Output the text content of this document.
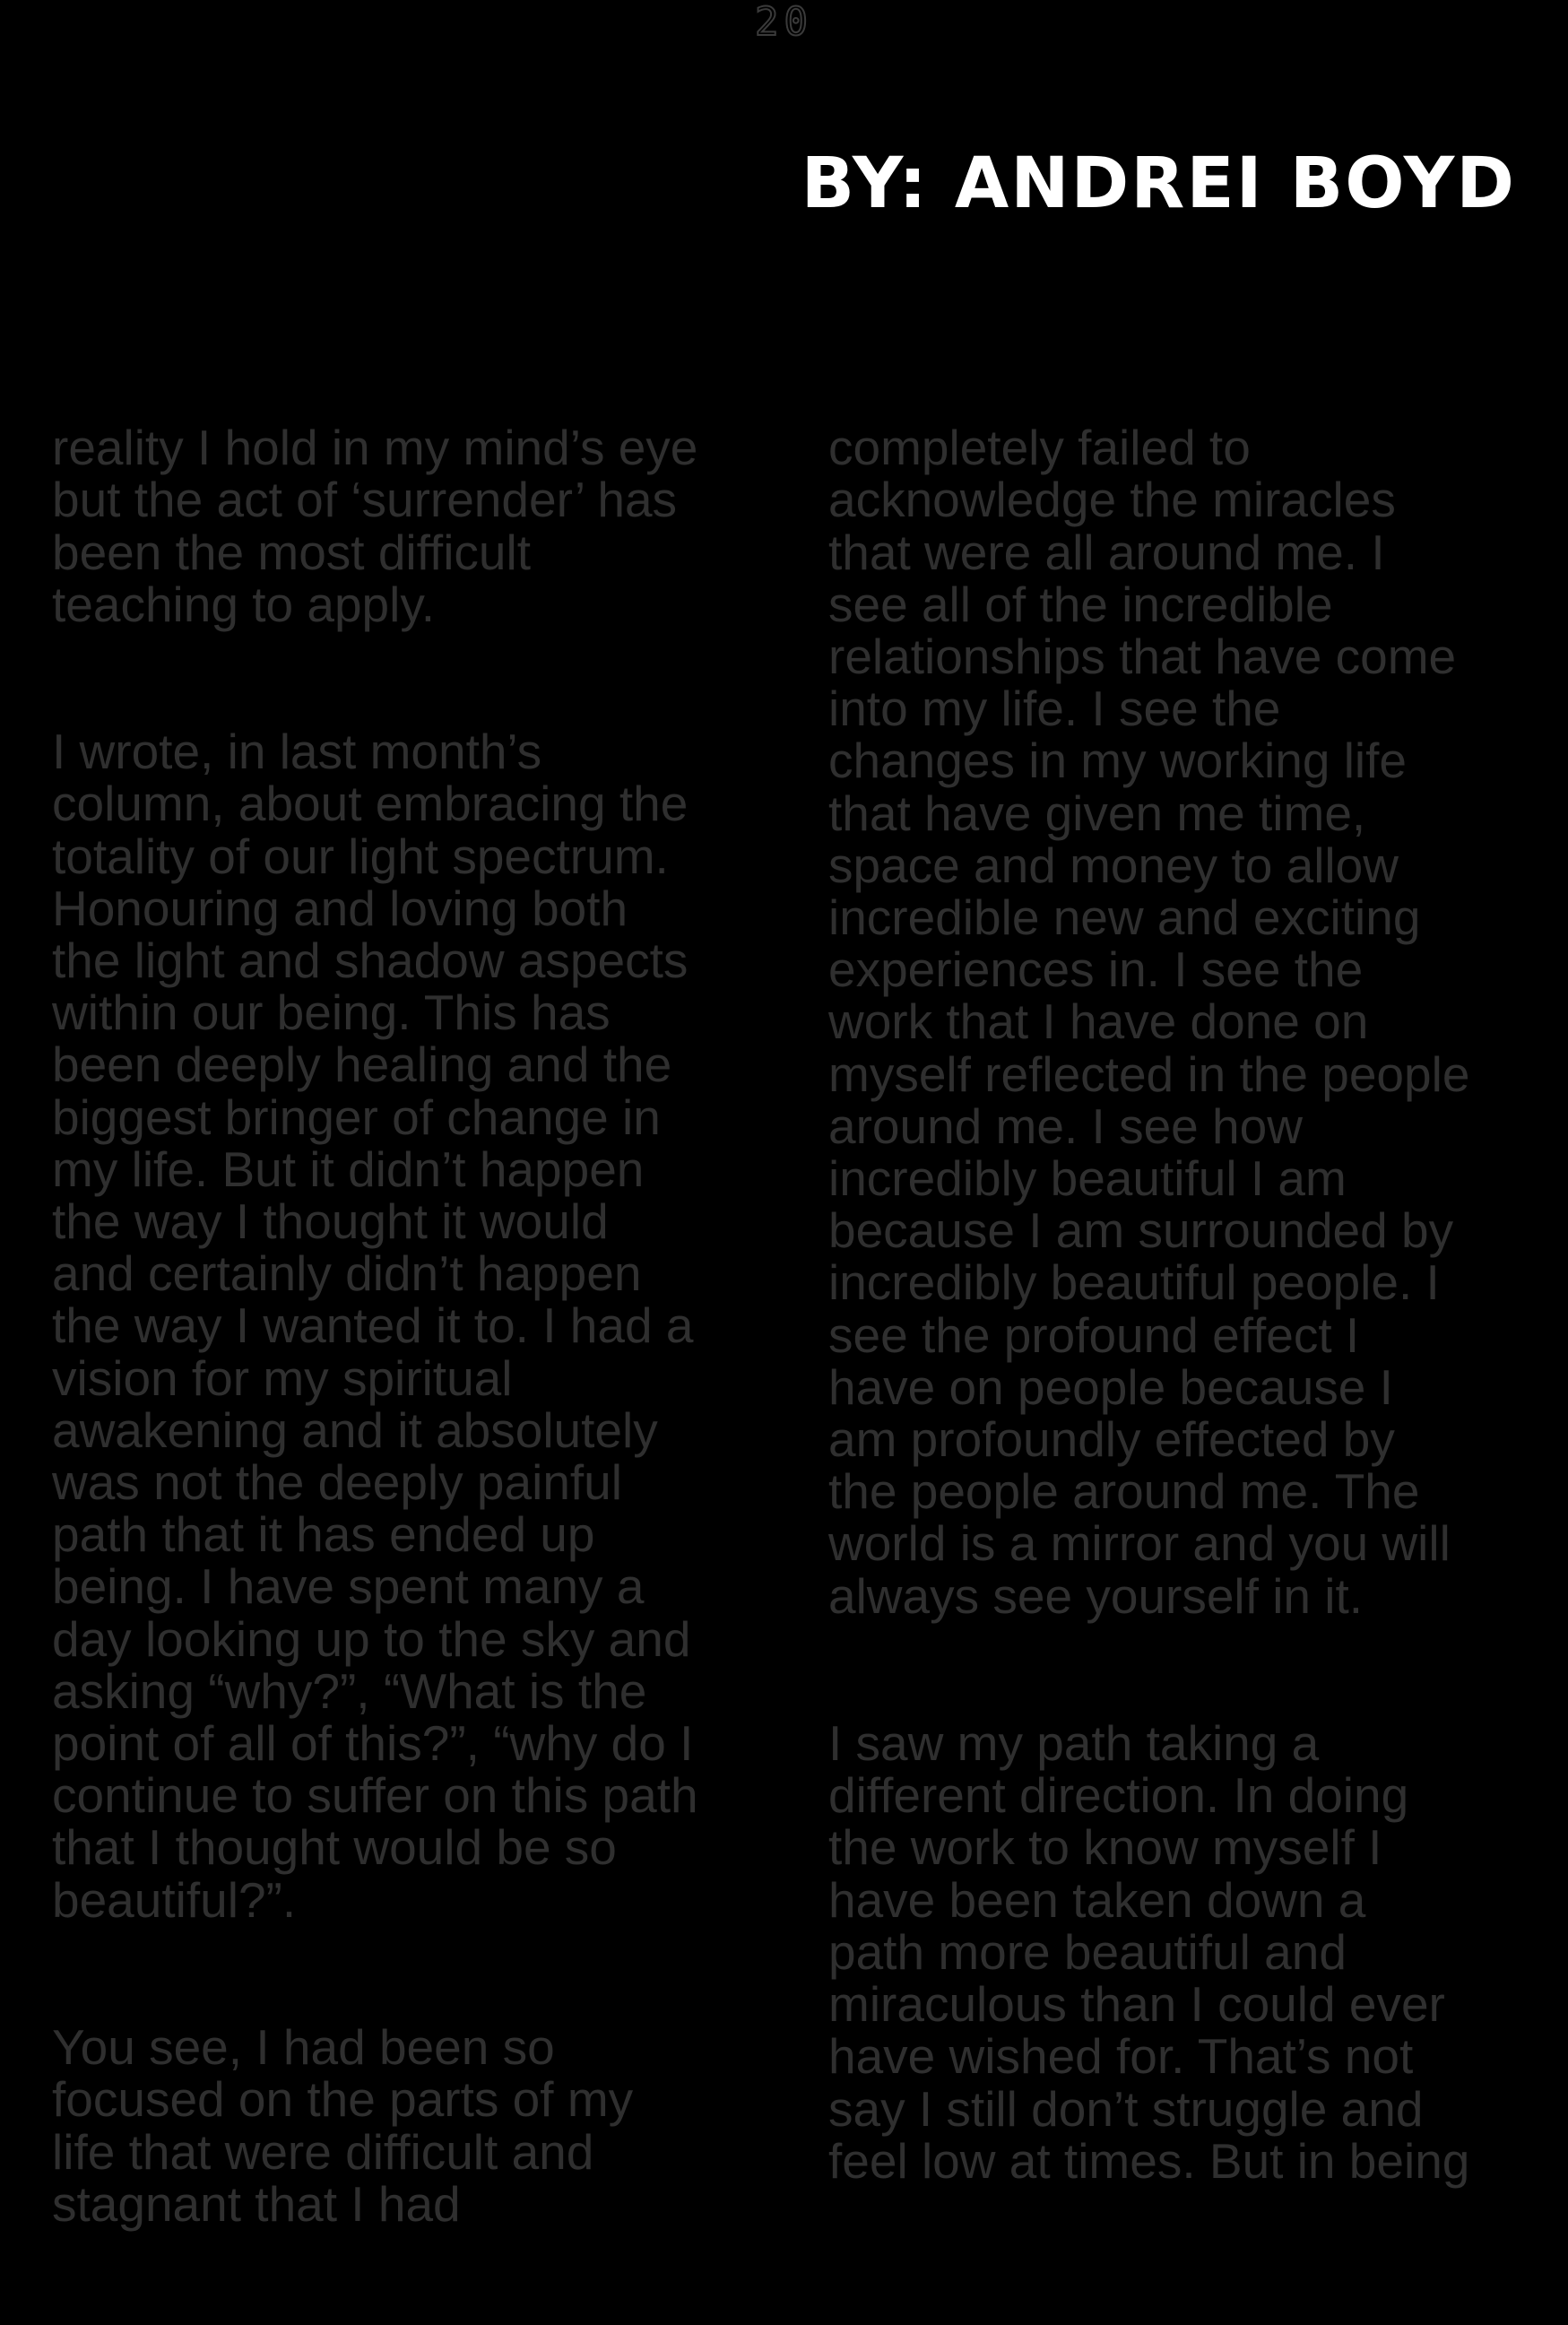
20
BY: ANDREI BOYD

reality I hold in my mind’s eye
but the act of ‘surrender’ has
been the most difficult
teaching to apply.

I wrote, in last month’s
column, about embracing the
totality of our light spectrum.
Honouring and loving both
the light and shadow aspects
within our being. This has
been deeply healing and the
biggest bringer of change in
my life. But it didn’t happen
the way I thought it would
and certainly didn’t happen
the way I wanted it to. I had a
vision for my spiritual
awakening and it absolutely
was not the deeply painful
path that it has ended up
being. I have spent many a
day looking up to the sky and
asking “why?”, “What is the
point of all of this?”, “why do I
continue to suffer on this path
that I thought would be so
beautiful?”.

You see, I had been so
focused on the parts of my
life that were difficult and
stagnant that I had

completely failed to
acknowledge the miracles
that were all around me. I
see all of the incredible
relationships that have come
into my life. I see the
changes in my working life
that have given me time,
space and money to allow
incredible new and exciting
experiences in. I see the
work that I have done on
myself reflected in the people
around me. I see how
incredibly beautiful I am
because I am surrounded by
incredibly beautiful people. I
see the profound effect I
have on people because I
am profoundly effected by
the people around me. The
world is a mirror and you will
always see yourself in it.

I saw my path taking a
different direction. In doing
the work to know myself I
have been taken down a
path more beautiful and
miraculous than I could ever
have wished for. That’s not
say I still don’t struggle and
feel low at times. But in being
